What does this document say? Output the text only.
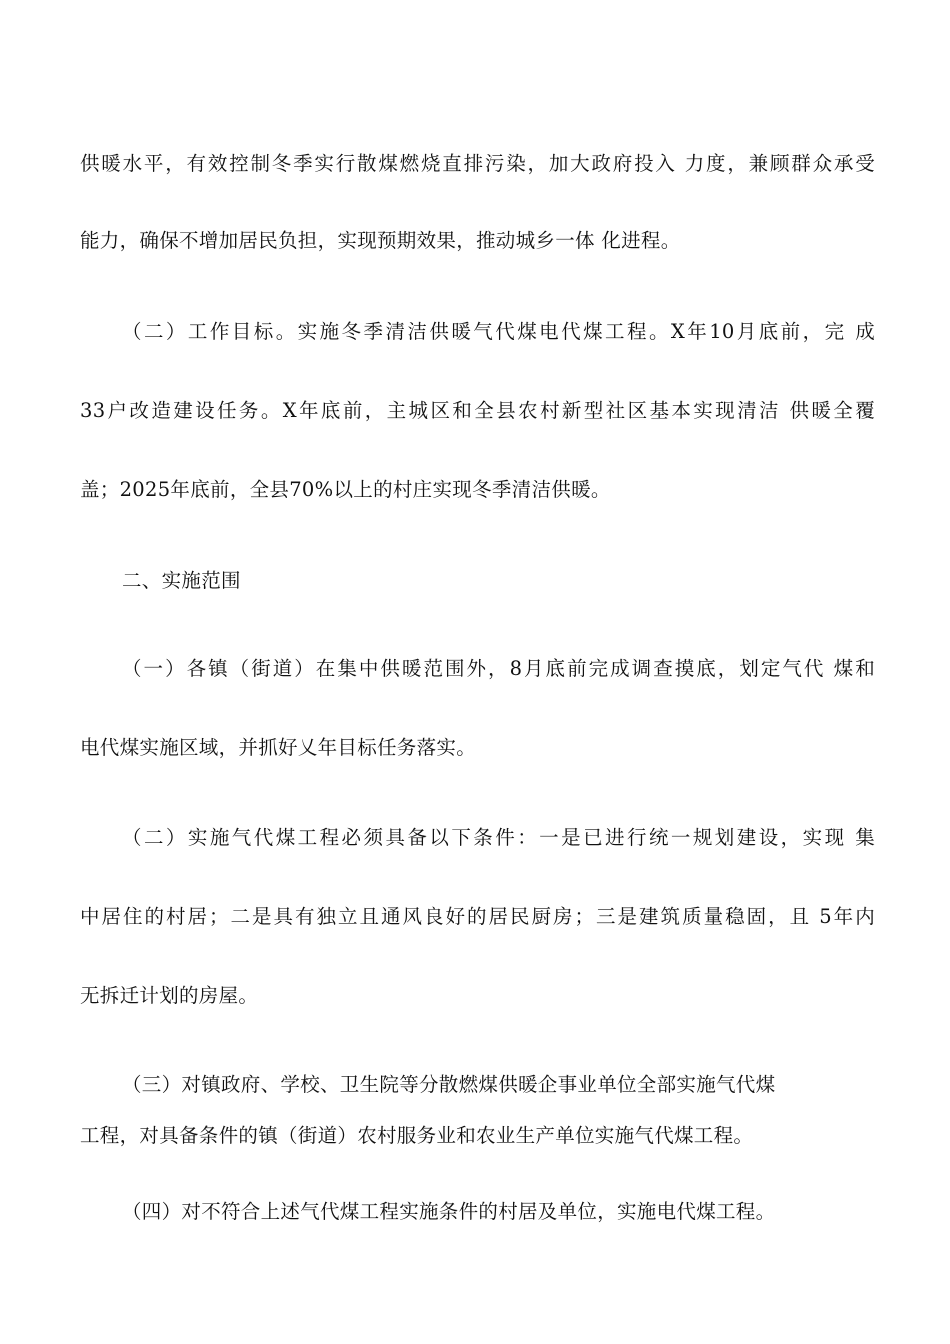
供暖水平，有效控制冬季实行散煤燃烧直排污染，加大政府投入 力度，兼顾群众承受
能力，确保不增加居民负担，实现预期效果，推动城乡一体 化进程。
（二）工作目标。实施冬季清洁供暖气代煤电代煤工程。X年10月底前，完 成
33户改造建设任务。X年底前，主城区和全县农村新型社区基本实现清洁 供暖全覆
盖；2025年底前，全县70%以上的村庄实现冬季清洁供暖。
二、实施范围
（一）各镇（街道）在集中供暖范围外，8月底前完成调查摸底，划定气代 煤和
电代煤实施区域，并抓好乂年目标任务落实。
（二）实施气代煤工程必须具备以下条件：一是已进行统一规划建设，实现 集
中居住的村居；二是具有独立且通风良好的居民厨房；三是建筑质量稳固，且 5年内
无拆迁计划的房屋。
（三）对镇政府、学校、卫生院等分散燃煤供暖企事业单位全部实施气代煤
工程，对具备条件的镇（街道）农村服务业和农业生产单位实施气代煤工程。
（四）对不符合上述气代煤工程实施条件的村居及单位，实施电代煤工程。
